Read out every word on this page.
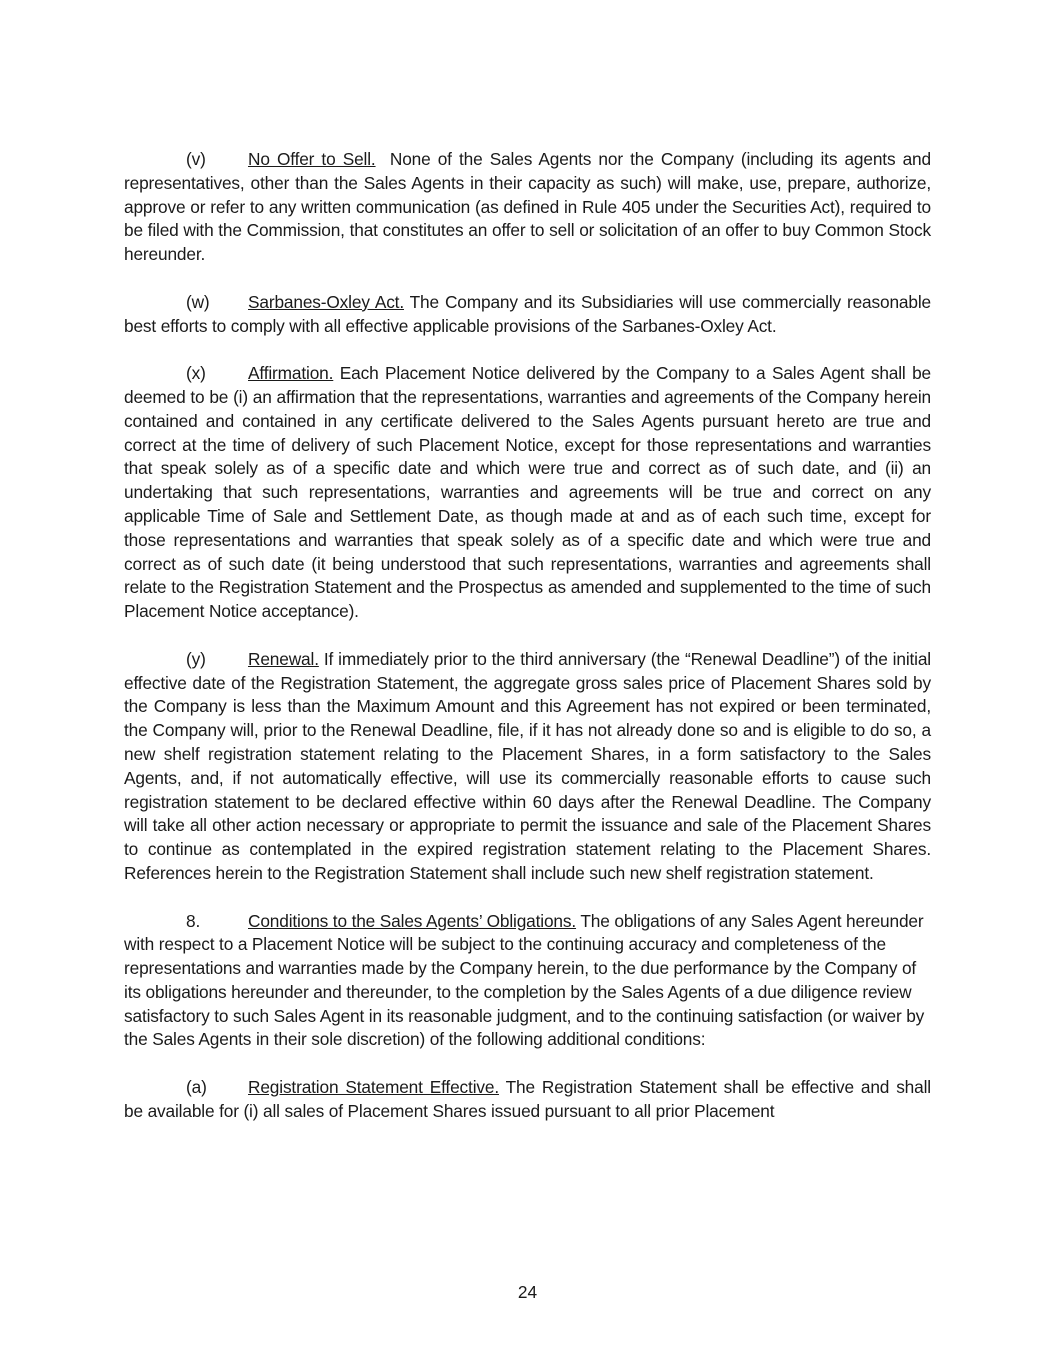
(v) No Offer to Sell. None of the Sales Agents nor the Company (including its agents and representatives, other than the Sales Agents in their capacity as such) will make, use, prepare, authorize, approve or refer to any written communication (as defined in Rule 405 under the Securities Act), required to be filed with the Commission, that constitutes an offer to sell or solicitation of an offer to buy Common Stock hereunder.

(w) Sarbanes-Oxley Act. The Company and its Subsidiaries will use commercially reasonable best efforts to comply with all effective applicable provisions of the Sarbanes-Oxley Act.

(x) Affirmation. Each Placement Notice delivered by the Company to a Sales Agent shall be deemed to be (i) an affirmation that the representations, warranties and agreements of the Company herein contained and contained in any certificate delivered to the Sales Agents pursuant hereto are true and correct at the time of delivery of such Placement Notice, except for those representations and warranties that speak solely as of a specific date and which were true and correct as of such date, and (ii) an undertaking that such representations, warranties and agreements will be true and correct on any applicable Time of Sale and Settlement Date, as though made at and as of each such time, except for those representations and warranties that speak solely as of a specific date and which were true and correct as of such date (it being understood that such representations, warranties and agreements shall relate to the Registration Statement and the Prospectus as amended and supplemented to the time of such Placement Notice acceptance).

(y) Renewal. If immediately prior to the third anniversary (the “Renewal Deadline”) of the initial effective date of the Registration Statement, the aggregate gross sales price of Placement Shares sold by the Company is less than the Maximum Amount and this Agreement has not expired or been terminated, the Company will, prior to the Renewal Deadline, file, if it has not already done so and is eligible to do so, a new shelf registration statement relating to the Placement Shares, in a form satisfactory to the Sales Agents, and, if not automatically effective, will use its commercially reasonable efforts to cause such registration statement to be declared effective within 60 days after the Renewal Deadline. The Company will take all other action necessary or appropriate to permit the issuance and sale of the Placement Shares to continue as contemplated in the expired registration statement relating to the Placement Shares. References herein to the Registration Statement shall include such new shelf registration statement.

8.	Conditions to the Sales Agents’ Obligations. The obligations of any Sales Agent hereunder with respect to a Placement Notice will be subject to the continuing accuracy and completeness of the representations and warranties made by the Company herein, to the due performance by the Company of its obligations hereunder and thereunder, to the completion by the Sales Agents of a due diligence review satisfactory to such Sales Agent in its reasonable judgment, and to the continuing satisfaction (or waiver by the Sales Agents in their sole discretion) of the following additional conditions:

(a) Registration Statement Effective. The Registration Statement shall be effective and shall be available for (i) all sales of Placement Shares issued pursuant to all prior Placement

24
